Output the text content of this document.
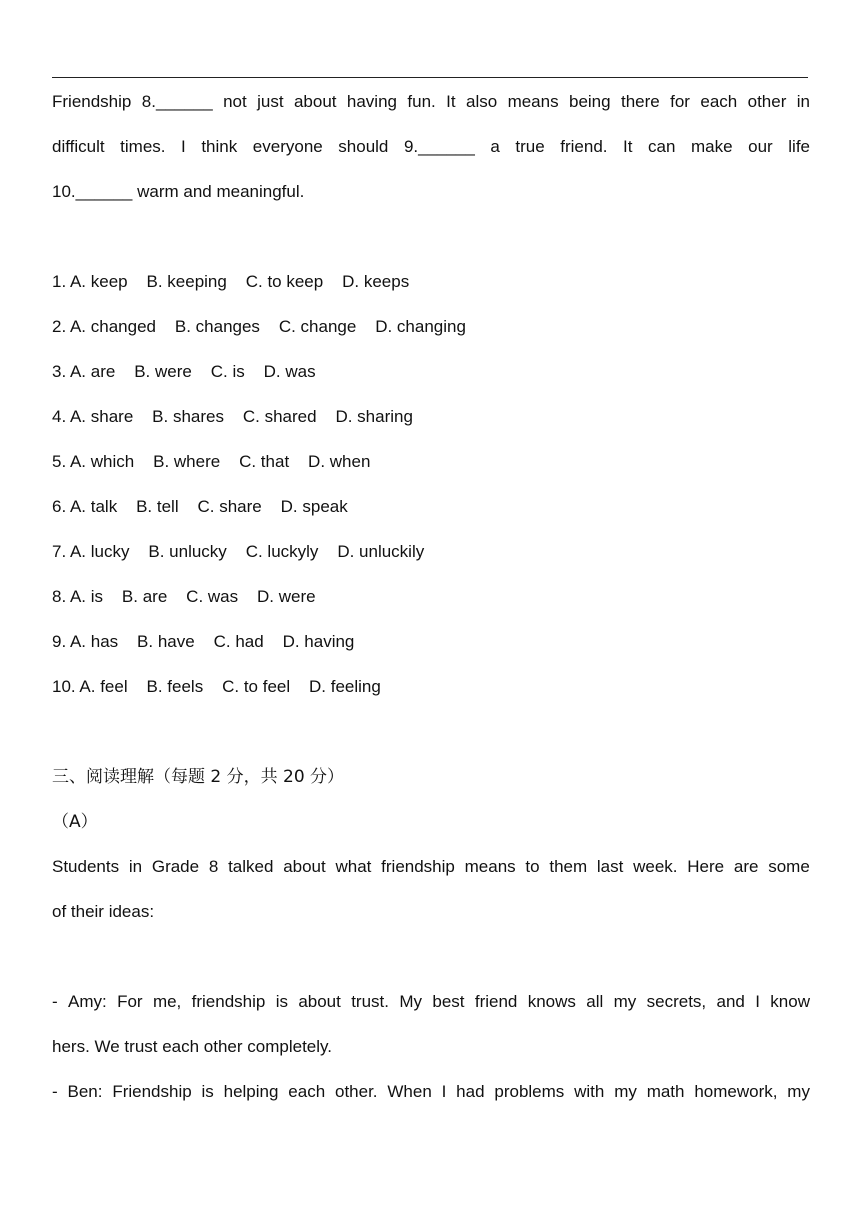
Friendship 8.______ not just about having fun. It also means being there for each other in
difficult times. I think everyone should 9.______ a true friend. It can make our life
10.______ warm and meaningful.
1. A. keep    B. keeping    C. to keep    D. keeps
2. A. changed    B. changes    C. change    D. changing
3. A. are    B. were    C. is    D. was
4. A. share    B. shares    C. shared    D. sharing
5. A. which    B. where    C. that    D. when
6. A. talk    B. tell    C. share    D. speak
7. A. lucky    B. unlucky    C. luckyly    D. unluckily
8. A. is    B. are    C. was    D. were
9. A. has    B. have    C. had    D. having
10. A. feel    B. feels    C. to feel    D. feeling
三、阅读理解（每题 2 分，共 20 分）
（A）
Students in Grade 8 talked about what friendship means to them last week. Here are some
of their ideas:
- Amy: For me, friendship is about trust. My best friend knows all my secrets, and I know
hers. We trust each other completely.
- Ben: Friendship is helping each other. When I had problems with my math homework, my
